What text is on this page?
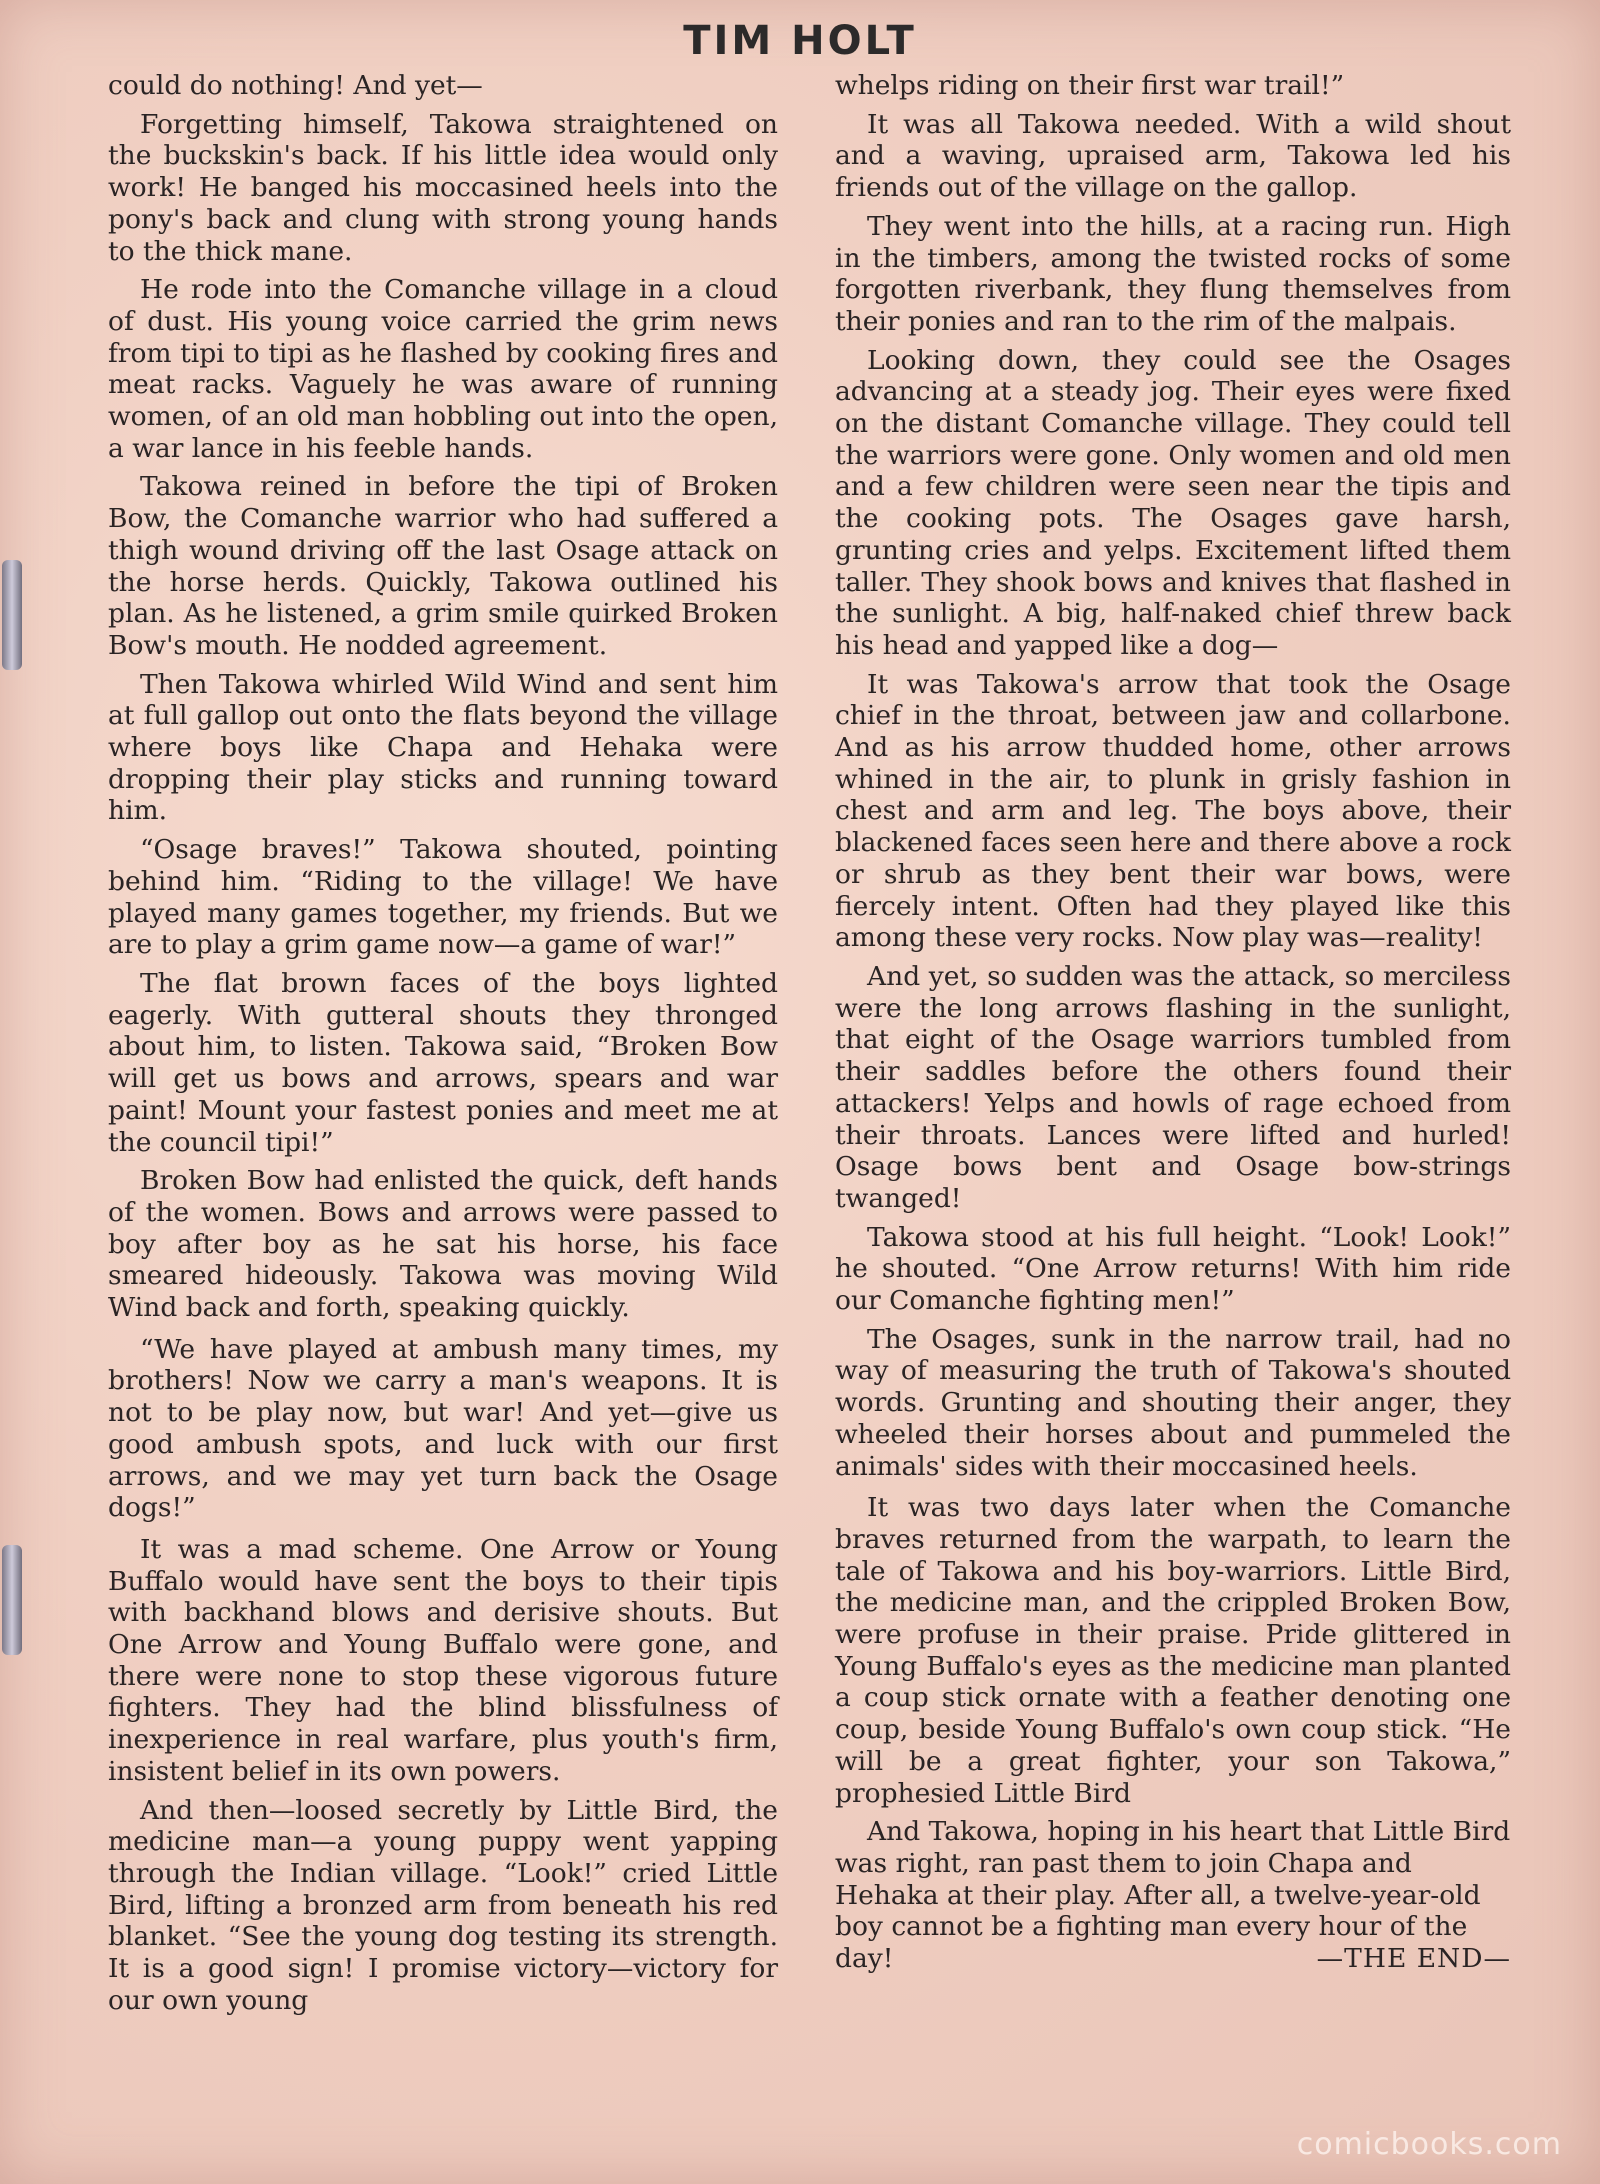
TIM HOLT

could do nothing! And yet—

Forgetting himself, Takowa straightened on the buckskin's back. If his little idea would only work! He banged his moccasined heels into the pony's back and clung with strong young hands to the thick mane.

He rode into the Comanche village in a cloud of dust. His young voice carried the grim news from tipi to tipi as he flashed by cooking fires and meat racks. Vaguely he was aware of running women, of an old man hobbling out into the open, a war lance in his feeble hands.

Takowa reined in before the tipi of Broken Bow, the Comanche warrior who had suffered a thigh wound driving off the last Osage attack on the horse herds. Quickly, Takowa outlined his plan. As he listened, a grim smile quirked Broken Bow's mouth. He nodded agreement.

Then Takowa whirled Wild Wind and sent him at full gallop out onto the flats beyond the village where boys like Chapa and Hehaka were dropping their play sticks and running toward him.

“Osage braves!” Takowa shouted, pointing behind him. “Riding to the village! We have played many games together, my friends. But we are to play a grim game now—a game of war!”

The flat brown faces of the boys lighted eagerly. With gutteral shouts they thronged about him, to listen. Takowa said, “Broken Bow will get us bows and arrows, spears and war paint! Mount your fastest ponies and meet me at the council tipi!”

Broken Bow had enlisted the quick, deft hands of the women. Bows and arrows were passed to boy after boy as he sat his horse, his face smeared hideously. Takowa was moving Wild Wind back and forth, speaking quickly.

“We have played at ambush many times, my brothers! Now we carry a man's weapons. It is not to be play now, but war! And yet—give us good ambush spots, and luck with our first arrows, and we may yet turn back the Osage dogs!”

It was a mad scheme. One Arrow or Young Buffalo would have sent the boys to their tipis with backhand blows and derisive shouts. But One Arrow and Young Buffalo were gone, and there were none to stop these vigorous future fighters. They had the blind blissfulness of inexperience in real warfare, plus youth's firm, insistent belief in its own powers.

And then—loosed secretly by Little Bird, the medicine man—a young puppy went yapping through the Indian village. “Look!” cried Little Bird, lifting a bronzed arm from beneath his red blanket. “See the young dog testing its strength. It is a good sign! I promise victory—victory for our own young

whelps riding on their first war trail!”

It was all Takowa needed. With a wild shout and a waving, upraised arm, Takowa led his friends out of the village on the gallop.

They went into the hills, at a racing run. High in the timbers, among the twisted rocks of some forgotten riverbank, they flung themselves from their ponies and ran to the rim of the malpais.

Looking down, they could see the Osages advancing at a steady jog. Their eyes were fixed on the distant Comanche village. They could tell the warriors were gone. Only women and old men and a few children were seen near the tipis and the cooking pots. The Osages gave harsh, grunting cries and yelps. Excitement lifted them taller. They shook bows and knives that flashed in the sunlight. A big, half-naked chief threw back his head and yapped like a dog—

It was Takowa's arrow that took the Osage chief in the throat, between jaw and collarbone. And as his arrow thudded home, other arrows whined in the air, to plunk in grisly fashion in chest and arm and leg. The boys above, their blackened faces seen here and there above a rock or shrub as they bent their war bows, were fiercely intent. Often had they played like this among these very rocks. Now play was—reality!

And yet, so sudden was the attack, so merciless were the long arrows flashing in the sunlight, that eight of the Osage warriors tumbled from their saddles before the others found their attackers! Yelps and howls of rage echoed from their throats. Lances were lifted and hurled! Osage bows bent and Osage bow-strings twanged!

Takowa stood at his full height. “Look! Look!” he shouted. “One Arrow returns! With him ride our Comanche fighting men!”

The Osages, sunk in the narrow trail, had no way of measuring the truth of Takowa's shouted words. Grunting and shouting their anger, they wheeled their horses about and pummeled the animals' sides with their moccasined heels.

It was two days later when the Comanche braves returned from the warpath, to learn the tale of Takowa and his boy-warriors. Little Bird, the medicine man, and the crippled Broken Bow, were profuse in their praise. Pride glittered in Young Buffalo's eyes as the medicine man planted a coup stick ornate with a feather denoting one coup, beside Young Buffalo's own coup stick. “He will be a great fighter, your son Takowa,” prophesied Little Bird

And Takowa, hoping in his heart that Little Bird was right, ran past them to join Chapa and Hehaka at their play. After all, a twelve-year-old boy cannot be a fighting man every hour of the day!	—THE END—

comicbooks.com
